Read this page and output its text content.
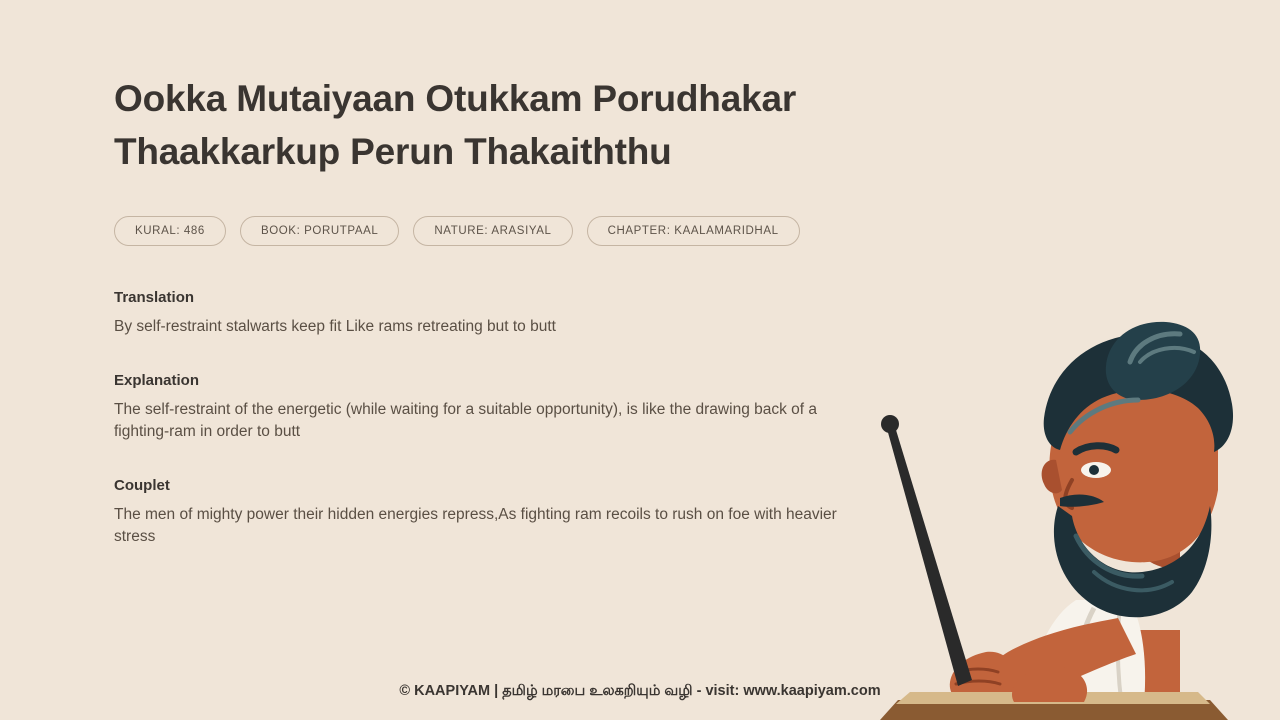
Ookka Mutaiyaan Otukkam Porudhakar Thaakkarkup Perun Thakaiththu
KURAL: 486	BOOK: PORUTPAAL	NATURE: ARASIYAL	CHAPTER: KAALAMARIDHAL
Translation
By self-restraint stalwarts keep fit Like rams retreating but to butt
Explanation
The self-restraint of the energetic (while waiting for a suitable opportunity), is like the drawing back of a fighting-ram in order to butt
Couplet
The men of mighty power their hidden energies repress,As fighting ram recoils to rush on foe with heavier stress
© KAAPIYAM | தமிழ் மரபை உலகறியும் வழி - visit: www.kaapiyam.com
